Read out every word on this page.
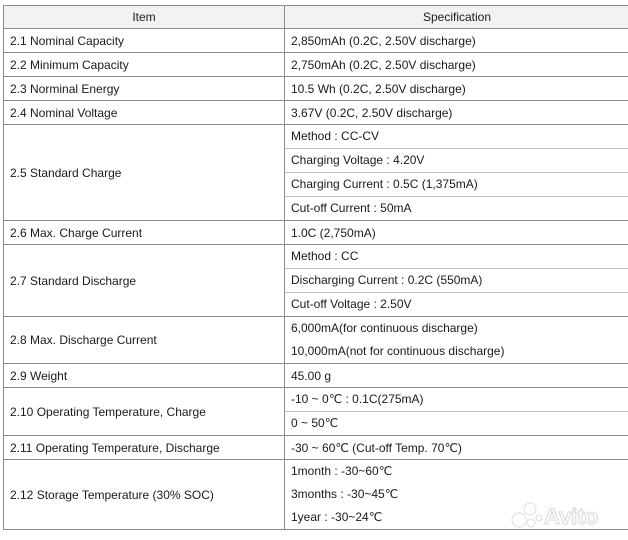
Item	Specification
2.1 Nominal Capacity	2,850mAh (0.2C, 2.50V discharge)
2.2 Minimum Capacity	2,750mAh (0.2C, 2.50V discharge)
2.3 Norminal Energy	10.5 Wh (0.2C, 2.50V discharge)
2.4 Nominal Voltage	3.67V (0.2C, 2.50V discharge)
2.5 Standard Charge	Method : CC-CV
Charging Voltage : 4.20V
Charging Current : 0.5C (1,375mA)
Cut-off Current : 50mA

2.6 Max. Charge Current	1.0C (2,750mA)
2.7 Standard Discharge	Method : CC
Discharging Current : 0.2C (550mA)
Cut-off Voltage : 2.50V

2.8 Max. Discharge Current	6,000mA(for continuous discharge)
10,000mA(not for continuous discharge)

2.9 Weight	45.00 g
2.10 Operating Temperature, Charge	-10 ~ 0℃ : 0.1C(275mA)
0 ~ 50℃

2.11 Operating Temperature, Discharge	-30 ~ 60℃ (Cut-off Temp. 70℃)
2.12 Storage Temperature (30% SOC)	1month : -30~60℃
3months : -30~45℃
1year : -30~24℃	Avito
